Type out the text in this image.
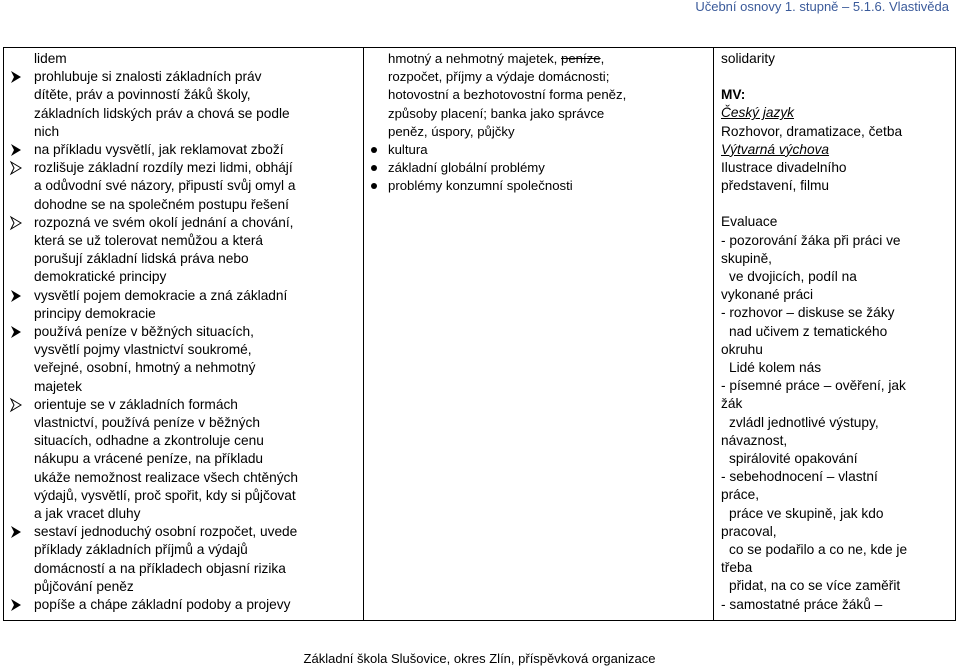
Učební osnovy 1. stupně – 5.1.6. Vlastivěda
lidem
prohlubuje si znalosti základních práv
dítěte, práv a povinností žáků školy,
základních lidských práv a chová se podle
nich
na příkladu vysvětlí, jak reklamovat zboží
rozlišuje základní rozdíly mezi lidmi, obhájí
a odůvodní své názory, připustí svůj omyl a
dohodne se na společném postupu řešení
rozpozná ve svém okolí jednání a chování,
která se už tolerovat nemůžou a která
porušují základní lidská práva nebo
demokratické principy
vysvětlí pojem demokracie a zná základní
principy demokracie
používá peníze v běžných situacích,
vysvětlí pojmy vlastnictví soukromé,
veřejné, osobní, hmotný a nehmotný
majetek
orientuje se v základních formách
vlastnictví, používá peníze v běžných
situacích, odhadne a zkontroluje cenu
nákupu a vrácené peníze, na příkladu
ukáže nemožnost realizace všech chtěných
výdajů, vysvětlí, proč spořit, kdy si půjčovat
a jak vracet dluhy
sestaví jednoduchý osobní rozpočet, uvede
příklady základních příjmů a výdajů
domácností a na příkladech objasní rizika
půjčování peněz
popíše a chápe základní podoby a projevy
hmotný a nehmotný majetek, peníze,
rozpočet, příjmy a výdaje domácnosti;
hotovostní a bezhotovostní forma peněz,
způsoby placení; banka jako správce
peněz, úspory, půjčky
kultura
základní globální problémy
problémy konzumní společnosti
solidarity
MV:
Český jazyk
Rozhovor, dramatizace, četba
Výtvarná výchova
Ilustrace divadelního
představení, filmu
Evaluace
- pozorování žáka při práci ve
skupině,
ve dvojicích, podíl na
vykonané práci
- rozhovor – diskuse se žáky
nad učivem z tematického
okruhu
Lidé kolem nás
- písemné práce – ověření, jak
žák
zvládl jednotlivé výstupy,
návaznost,
spirálovité opakování
- sebehodnocení – vlastní
práce,
práce ve skupině, jak kdo
pracoval,
co se podařilo a co ne, kde je
třeba
přidat, na co se více zaměřit
- samostatné práce žáků –
Základní škola Slušovice, okres Zlín, příspěvková organizace
